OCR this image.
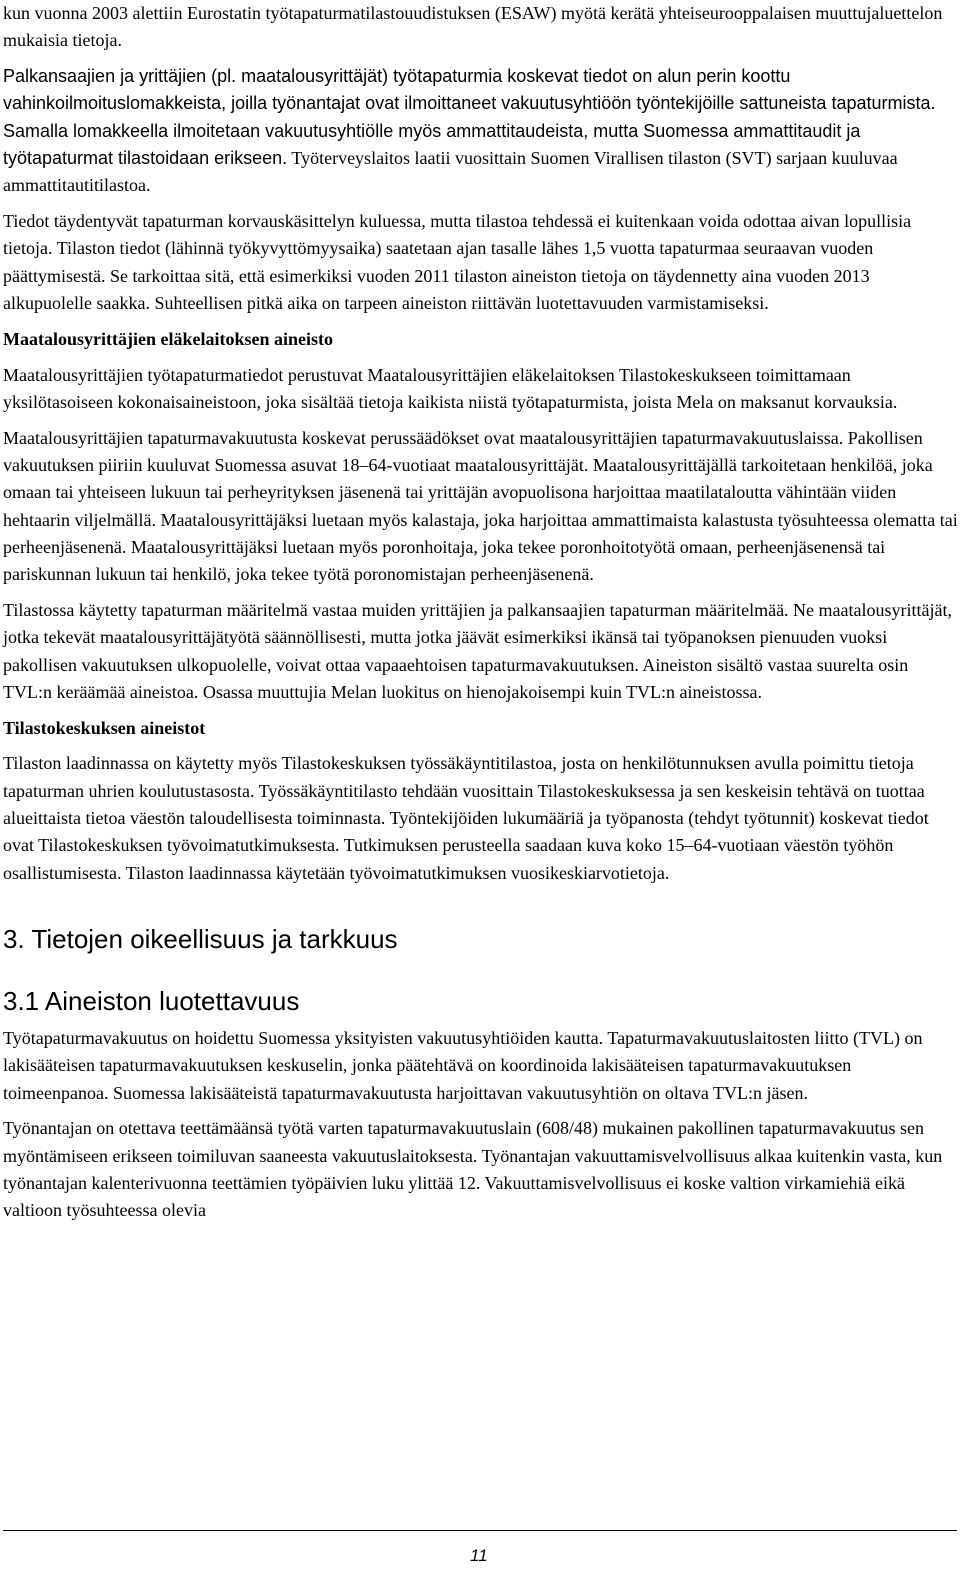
kun vuonna 2003 alettiin Eurostatin työtapaturmatilastouudistuksen (ESAW) myötä kerätä yhteiseurooppalaisen muuttujaluettelon mukaisia tietoja.

Palkansaajien ja yrittäjien (pl. maatalousyrittäjät) työtapaturmia koskevat tiedot on alun perin koottu vahinkoilmoituslomakkeista, joilla työnantajat ovat ilmoittaneet vakuutusyhtiöön työntekijöille sattuneista tapaturmista. Samalla lomakkeella ilmoitetaan vakuutusyhtiölle myös ammattitaudeista, mutta Suomessa ammattitaudit ja työtapaturmat tilastoidaan erikseen. Työterveyslaitos laatii vuosittain Suomen Virallisen tilaston (SVT) sarjaan kuuluvaa ammattitautitilastoa.

Tiedot täydentyvät tapaturman korvauskäsittelyn kuluessa, mutta tilastoa tehdessä ei kuitenkaan voida odottaa aivan lopullisia tietoja. Tilaston tiedot (lähinnä työkyvyttömyysaika) saatetaan ajan tasalle lähes 1,5 vuotta tapaturmaa seuraavan vuoden päättymisestä. Se tarkoittaa sitä, että esimerkiksi vuoden 2011 tilaston aineiston tietoja on täydennetty aina vuoden 2013 alkupuolelle saakka. Suhteellisen pitkä aika on tarpeen aineiston riittävän luotettavuuden varmistamiseksi.

Maatalousyrittäjien eläkelaitoksen aineisto

Maatalousyrittäjien työtapaturmatiedot perustuvat Maatalousyrittäjien eläkelaitoksen Tilastokeskukseen toimittamaan yksilötasoiseen kokonaisaineistoon, joka sisältää tietoja kaikista niistä työtapaturmista, joista Mela on maksanut korvauksia.

Maatalousyrittäjien tapaturmavakuutusta koskevat perussäädökset ovat maatalousyrittäjien tapaturmavakuutuslaissa. Pakollisen vakuutuksen piiriin kuuluvat Suomessa asuvat 18–64-vuotiaat maatalousyrittäjät. Maatalousyrittäjällä tarkoitetaan henkilöä, joka omaan tai yhteiseen lukuun tai perheyrityksen jäsenenä tai yrittäjän avopuolisona harjoittaa maatilataloutta vähintään viiden hehtaarin viljelmällä. Maatalousyrittäjäksi luetaan myös kalastaja, joka harjoittaa ammattimaista kalastusta työsuhteessa olematta tai perheenjäsenenä. Maatalousyrittäjäksi luetaan myös poronhoitaja, joka tekee poronhoitotyötä omaan, perheenjäsenensä tai pariskunnan lukuun tai henkilö, joka tekee työtä poronomistajan perheenjäsenenä.

Tilastossa käytetty tapaturman määritelmä vastaa muiden yrittäjien ja palkansaajien tapaturman määritelmää. Ne maatalousyrittäjät, jotka tekevät maatalousyrittäjätyötä säännöllisesti, mutta jotka jäävät esimerkiksi ikänsä tai työpanoksen pienuuden vuoksi pakollisen vakuutuksen ulkopuolelle, voivat ottaa vapaaehtoisen tapaturmavakuutuksen. Aineiston sisältö vastaa suurelta osin TVL:n keräämää aineistoa. Osassa muuttujia Melan luokitus on hienojakoisempi kuin TVL:n aineistossa.

Tilastokeskuksen aineistot

Tilaston laadinnassa on käytetty myös Tilastokeskuksen työssäkäyntitilastoa, josta on henkilötunnuksen avulla poimittu tietoja tapaturman uhrien koulutustasosta. Työssäkäyntitilasto tehdään vuosittain Tilastokeskuksessa ja sen keskeisin tehtävä on tuottaa alueittaista tietoa väestön taloudellisesta toiminnasta. Työntekijöiden lukumääriä ja työpanosta (tehdyt työtunnit) koskevat tiedot ovat Tilastokeskuksen työvoimatutkimuksesta. Tutkimuksen perusteella saadaan kuva koko 15–64-vuotiaan väestön työhön osallistumisesta. Tilaston laadinnassa käytetään työvoimatutkimuksen vuosikeskiarvotietoja.

3. Tietojen oikeellisuus ja tarkkuus
3.1 Aineiston luotettavuus

Työtapaturmavakuutus on hoidettu Suomessa yksityisten vakuutusyhtiöiden kautta. Tapaturmavakuutuslaitosten liitto (TVL) on lakisääteisen tapaturmavakuutuksen keskuselin, jonka päätehtävä on koordinoida lakisääteisen tapaturmavakuutuksen toimeenpanoa. Suomessa lakisääteistä tapaturmavakuutusta harjoittavan vakuutusyhtiön on oltava TVL:n jäsen.

Työnantajan on otettava teettämäänsä työtä varten tapaturmavakuutuslain (608/48) mukainen pakollinen tapaturmavakuutus sen myöntämiseen erikseen toimiluvan saaneesta vakuutuslaitoksesta. Työnantajan vakuuttamisvelvollisuus alkaa kuitenkin vasta, kun työnantajan kalenterivuonna teettämien työpäivien luku ylittää 12. Vakuuttamisvelvollisuus ei koske valtion virkamiehiä eikä valtioon työsuhteessa olevia

11
